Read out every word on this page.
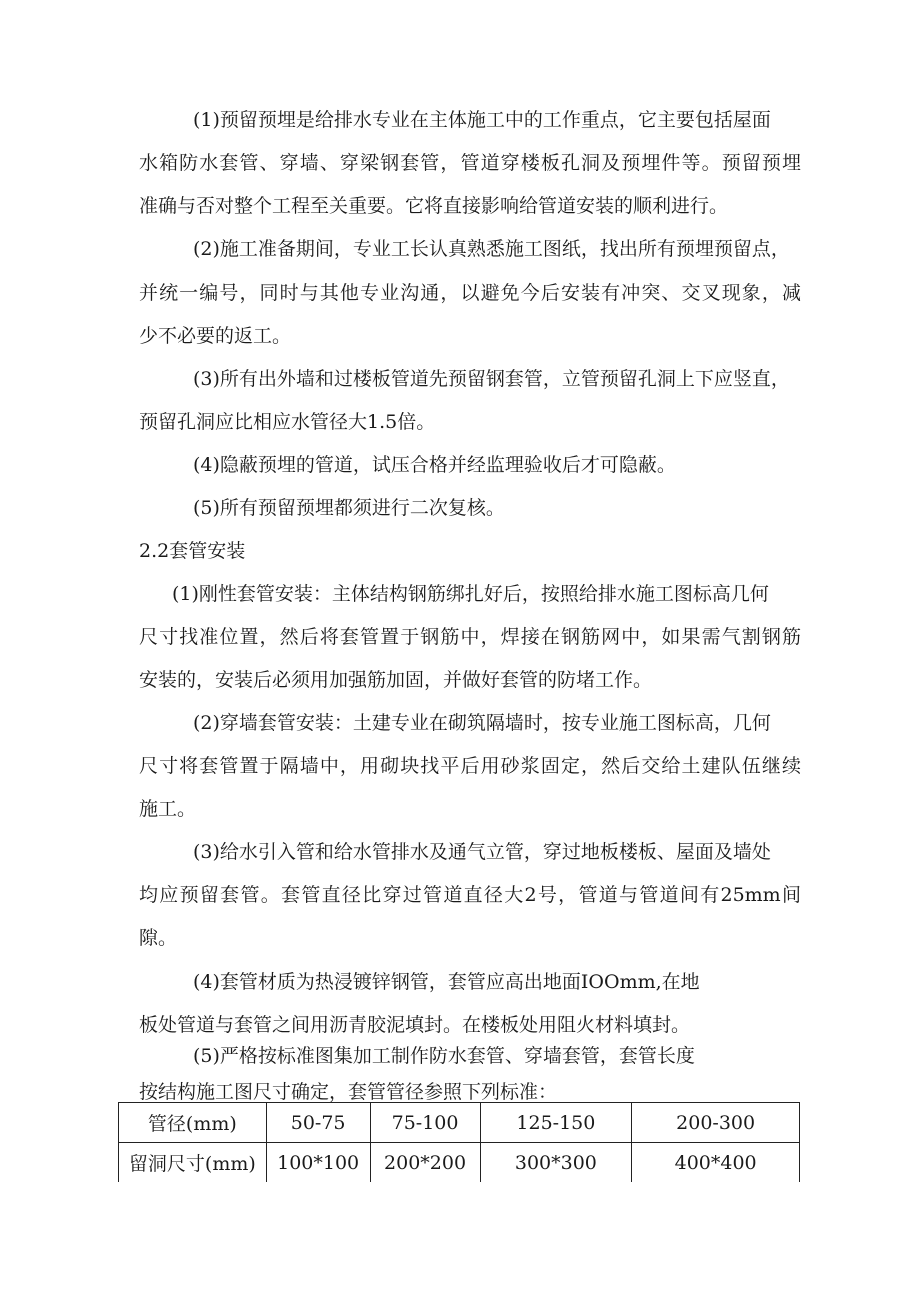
(1)预留预埋是给排水专业在主体施工中的工作重点，它主要包括屋面
水箱防水套管、穿墙、穿梁钢套管，管道穿楼板孔洞及预埋件等。预留预埋
准确与否对整个工程至关重要。它将直接影响给管道安装的顺利进行。
(2)施工准备期间，专业工长认真熟悉施工图纸，找出所有预埋预留点，
并统一编号，同时与其他专业沟通，以避免今后安装有冲突、交叉现象，减
少不必要的返工。
(3)所有出外墙和过楼板管道先预留钢套管，立管预留孔洞上下应竖直，
预留孔洞应比相应水管径大1.5倍。
(4)隐蔽预埋的管道，试压合格并经监理验收后才可隐蔽。
(5)所有预留预埋都须进行二次复核。
2.2套管安装
(1)刚性套管安装：主体结构钢筋绑扎好后，按照给排水施工图标高几何
尺寸找准位置，然后将套管置于钢筋中，焊接在钢筋网中，如果需气割钢筋
安装的，安装后必须用加强筋加固，并做好套管的防堵工作。
(2)穿墙套管安装：土建专业在砌筑隔墙时，按专业施工图标高，几何
尺寸将套管置于隔墙中，用砌块找平后用砂浆固定，然后交给土建队伍继续
施工。
(3)给水引入管和给水管排水及通气立管，穿过地板楼板、屋面及墙处
均应预留套管。套管直径比穿过管道直径大2号，管道与管道间有25mm间
隙。
(4)套管材质为热浸镀锌钢管，套管应高出地面IOOmm,在地
板处管道与套管之间用沥青胶泥填封。在楼板处用阻火材料填封。
(5)严格按标准图集加工制作防水套管、穿墙套管，套管长度
按结构施工图尺寸确定，套管管径参照下列标准：
管径(mm)	50-75	75-100	125-150	200-300
留洞尺寸(mm)	100*100	200*200	300*300	400*400
